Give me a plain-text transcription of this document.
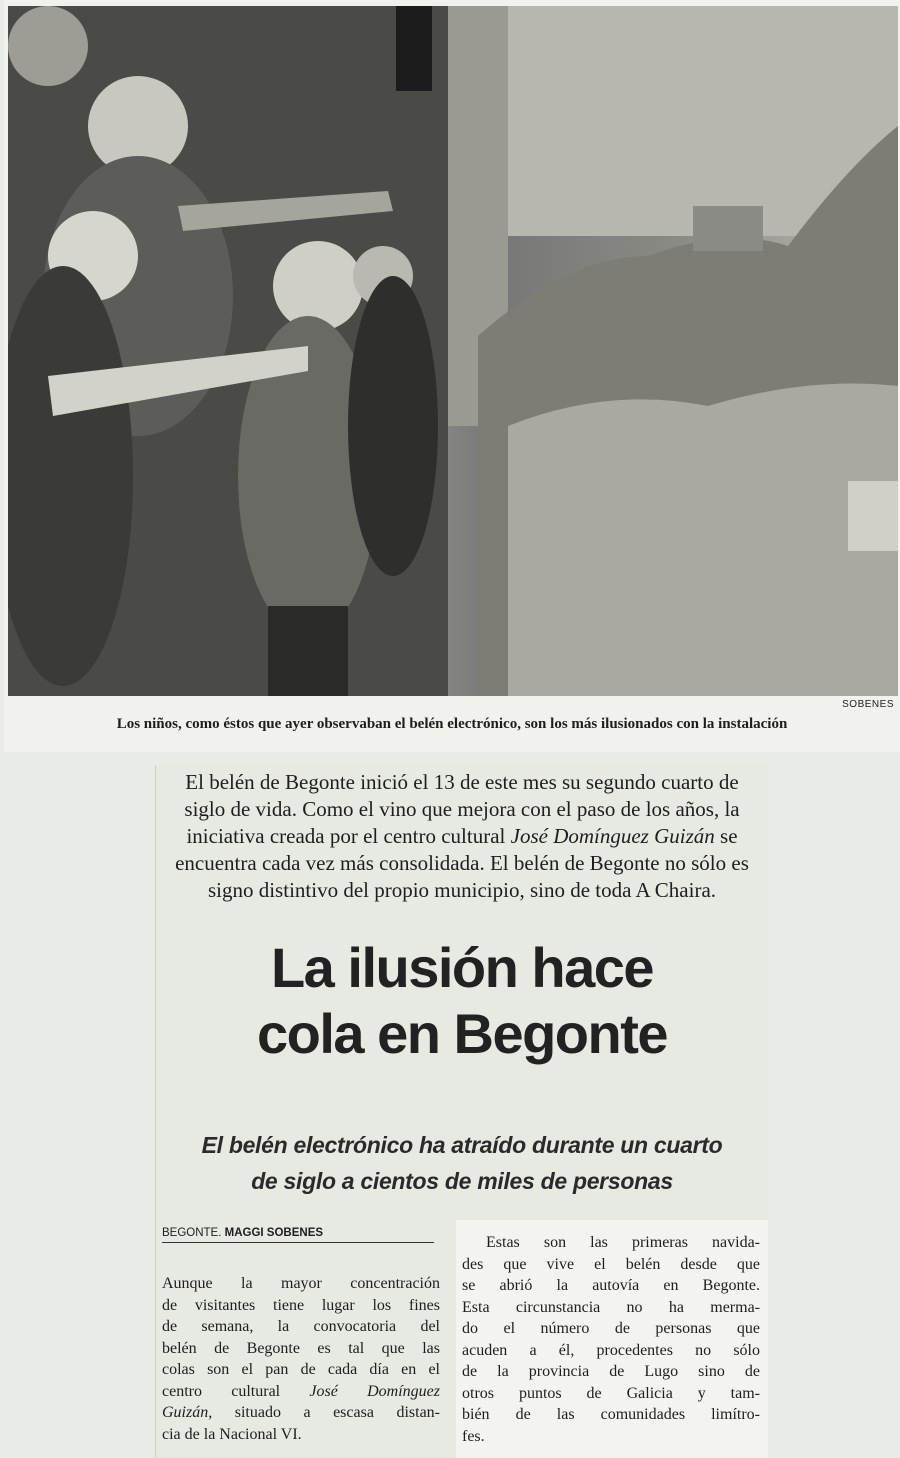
SOBENES
Los niños, como éstos que ayer observaban el belén electrónico, son los más ilusionados con la instalación
El belén de Begonte inició el 13 de este mes su segundo cuarto de siglo de vida. Como el vino que mejora con el paso de los años, la iniciativa creada por el centro cultural José Domínguez Guizán se encuentra cada vez más consolidada. El belén de Begonte no sólo es signo distintivo del propio municipio, sino de toda A Chaira.
La ilusión hace
cola en Begonte
El belén electrónico ha atraído durante un cuarto
de siglo a cientos de miles de personas
BEGONTE. MAGGI SOBENES
Aunque la mayor concentración
de visitantes tiene lugar los fines
de semana, la convocatoria del
belén de Begonte es tal que las
colas son el pan de cada día en el
centro cultural José Domínguez
Guizán, situado a escasa distan-
cia de la Nacional VI.
Estas son las primeras navida-
des que vive el belén desde que
se abrió la autovía en Begonte.
Esta circunstancia no ha merma-
do el número de personas que
acuden a él, procedentes no sólo
de la provincia de Lugo sino de
otros puntos de Galicia y tam-
bién de las comunidades limítro-
fes.
